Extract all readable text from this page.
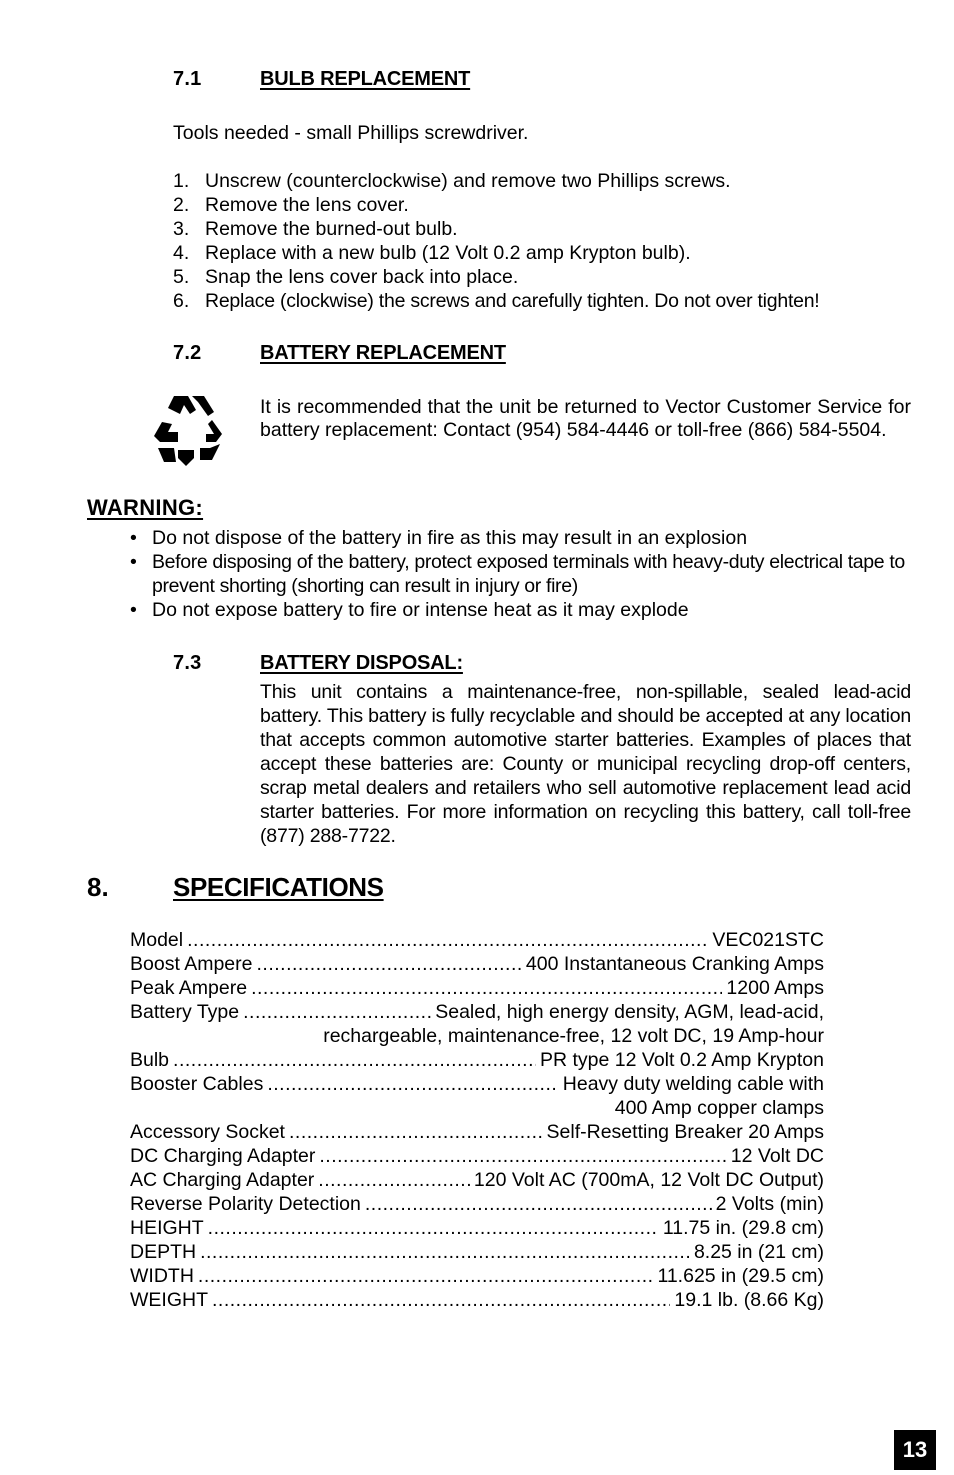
7.1	BULB REPLACEMENT
Tools needed - small Phillips screwdriver.
1. Unscrew (counterclockwise) and remove two Phillips screws.
2. Remove the lens cover.
3. Remove the burned-out bulb.
4. Replace with a new bulb (12 Volt 0.2 amp Krypton bulb).
5. Snap the lens cover back into place.
6. Replace (clockwise) the screws and carefully tighten. Do not over tighten!
7.2	BATTERY REPLACEMENT
It is recommended that the unit be returned to Vector Customer Service for battery replacement: Contact (954) 584-4446 or toll-free (866) 584-5504.
WARNING:
• Do not dispose of the battery in fire as this may result in an explosion
• Before disposing of the battery, protect exposed terminals with heavy-duty electrical tape to prevent shorting (shorting can result in injury or fire)
• Do not expose battery to fire or intense heat as it may explode
7.3	BATTERY DISPOSAL:
This unit contains a maintenance-free, non-spillable, sealed lead-acid battery. This battery is fully recyclable and should be accepted at any location that accepts common automotive starter batteries. Examples of places that accept these batteries are: County or municipal recycling drop-off centers, scrap metal dealers and retailers who sell automotive replacement lead acid starter batteries. For more information on recycling this battery, call toll-free (877) 288-7722.
8. SPECIFICATIONS
Model .....	VEC021STC
Boost Ampere .....	400 Instantaneous Cranking Amps
Peak Ampere .....	1200 Amps
Battery Type .....	Sealed, high energy density, AGM, lead-acid,
rechargeable, maintenance-free, 12 volt DC, 19 Amp-hour
Bulb .....	PR type 12 Volt 0.2 Amp Krypton
Booster Cables .....	Heavy duty welding cable with
400 Amp copper clamps
Accessory Socket .....	Self-Resetting Breaker 20 Amps
DC Charging Adapter .....	12 Volt DC
AC Charging Adapter .....	120 Volt AC (700mA, 12 Volt DC Output)
Reverse Polarity Detection .....	2 Volts (min)
HEIGHT .....	11.75 in. (29.8 cm)
DEPTH .....	8.25 in (21 cm)
WIDTH .....	11.625 in (29.5 cm)
WEIGHT .....	19.1 lb. (8.66 Kg)
13
